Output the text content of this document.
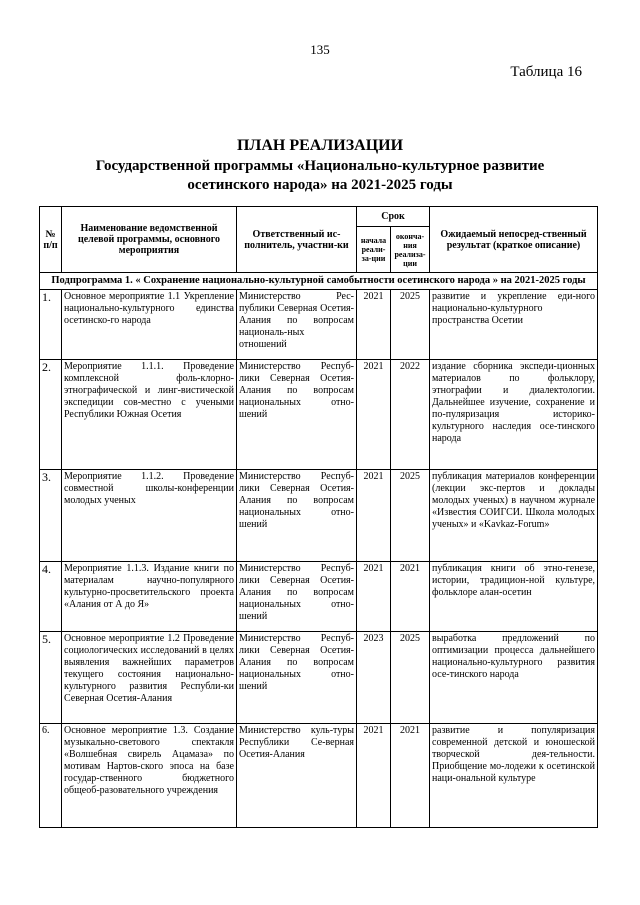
135
Таблица 16
ПЛАН РЕАЛИЗАЦИИ
Государственной программы «Национально-культурное развитие
осетинского народа» на 2021-2025 годы
№ п/п	Наименование ведомственной целевой программы, основного мероприятия	Ответственный ис-полнитель, участни-ки	Срок		Ожидаемый непосред-ственный результат (краткое описание)
			начала реали-за-ции	оконча-ния реализа-ции	
Подпрограмма 1. « Сохранение национально-культурной самобытности осетинского народа » на 2021-2025 годы					
1.	Основное мероприятие 1.1 Укрепление национально-культурного единства осетинско-го народа	Министерство Рес-публики Северная Осетия-Алания по вопросам националь-ных отношений	2021	2025	развитие и укрепление еди-ного национально-культурного пространства Осетии
2.	Мероприятие 1.1.1. Проведение комплексной фоль-клорно-этнографической и линг-вистической экспедиции сов-местно с учеными Республики Южная Осетия	Министерство Респуб-лики Северная Осетия-Алания по вопросам национальных отно-шений	2021	2022	издание сборника экспеди-ционных материалов по фольклору, этнографии и диалектологии. Дальнейшее изучение, сохранение и по-пуляризация историко-культурного наследия осе-тинского народа
3.	Мероприятие 1.1.2. Проведение совместной школы-конференции молодых ученых	Министерство Респуб-лики Северная Осетия-Алания по вопросам национальных отно-шений	2021	2025	публикация материалов конференции (лекции экс-пертов и доклады молодых ученых) в научном журнале «Известия СОИГСИ. Школа молодых ученых» и «Kavkaz-Forum»
4.	Мероприятие 1.1.3. Издание книги по материалам научно-популярного культурно-просветительского проекта «Алания от А до Я»	Министерство Респуб-лики Северная Осетия-Алания по вопросам национальных отно-шений	2021	2021	публикация книги об этно-генезе, истории, традицион-ной культуре, фольклоре алан-осетин
5.	Основное мероприятие 1.2 Проведение социологических исследований в целях выявления важнейших параметров текущего состояния национально-культурного развития Республи-ки Северная Осетия-Алания	Министерство Респуб-лики Северная Осетия-Алания по вопросам национальных отно-шений	2023	2025	выработка предложений по оптимизации процесса дальнейшего национально-культурного развития осе-тинского народа
6.	Основное мероприятие 1.3. Создание музыкально-светового спектакля «Волшебная свирель Ацамаза» по мотивам Нартов-ского эпоса на базе государ-ственного бюджетного общеоб-разовательного учреждения	Министерство куль-туры Республики Се-верная Осетия-Алания	2021	2021	развитие и популяризация современной детской и юношеской творческой дея-тельности. Приобщение мо-лодежи к осетинской наци-ональной культуре
